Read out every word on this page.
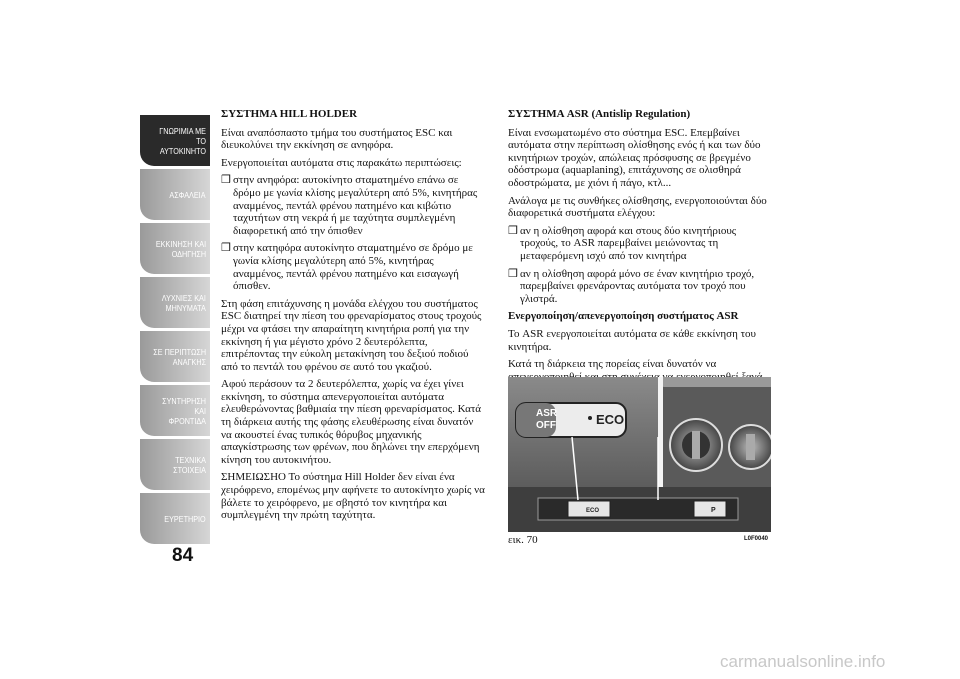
ΓΝΩΡΙΜΙΑ ΜΕ ΤΟ
ΑΥΤΟΚΙΝΗΤΟ
ΑΣΦΑΛΕΙΑ
ΕΚΚΙΝΗΣΗ ΚΑΙ
ΟΔΗΓΗΣΗ
ΛΥΧΝΙΕΣ ΚΑΙ
ΜΗΝΥΜΑΤΑ
ΣΕ ΠΕΡΙΠΤΩΣΗ
ΑΝΑΓΚΗΣ
ΣΥΝΤΗΡΗΣΗ ΚΑΙ
ΦΡΟΝΤΙΔΑ
ΤΕΧΝΙΚΑ ΣΤΟΙΧΕΙΑ
ΕΥΡΕΤΗΡΙΟ
84
ΣΥΣΤΗΜΑ HILL HOLDER

Είναι αναπόσπαστο τμήμα του συστήματος ESC και διευκολύνει την εκκίνηση σε ανηφόρα.

Ενεργοποιείται αυτόματα στις παρακάτω περιπτώσεις:

❒ στην ανηφόρα: αυτοκίνητο σταματημένο επάνω σε δρόμο με γωνία κλίσης μεγαλύτερη από 5%, κινητήρας αναμμένος, πεντάλ φρένου πατημένο και κιβώτιο ταχυτήτων στη νεκρά ή με ταχύτητα συμπλεγμένη διαφορετική από την όπισθεν
❒ στην κατηφόρα αυτοκίνητο σταματημένο σε δρόμο με γωνία κλίσης μεγαλύτερη από 5%, κινητήρας αναμμένος, πεντάλ φρένου πατημένο και εισαγωγή όπισθεν.

Στη φάση επιτάχυνσης η μονάδα ελέγχου του συστήματος ESC διατηρεί την πίεση του φρεναρίσματος στους τροχούς μέχρι να φτάσει την απαραίτητη κινητήρια ροπή για την εκκίνηση ή για μέγιστο χρόνο 2 δευτερόλεπτα, επιτρέποντας την εύκολη μετακίνηση του δεξιού ποδιού από το πεντάλ του φρένου σε αυτό του γκαζιού.

Αφού περάσουν τα 2 δευτερόλεπτα, χωρίς να έχει γίνει εκκίνηση, το σύστημα απενεργοποιείται αυτόματα ελευθερώνοντας βαθμιαία την πίεση φρεναρίσματος. Κατά τη διάρκεια αυτής της φάσης ελευθέρωσης είναι δυνατόν να ακουστεί ένας τυπικός θόρυβος μηχανικής απαγκίστρωσης των φρένων, που δηλώνει την επερχόμενη κίνηση του αυτοκινήτου.

ΣΗΜΕΙΩΣΗΟ Το σύστημα Hill Holder δεν είναι ένα χειρόφρενο, επομένως μην αφήνετε το αυτοκίνητο χωρίς να βάλετε το χειρόφρενο, με σβηστό τον κινητήρα και συμπλεγμένη την πρώτη ταχύτητα.

ΣΥΣΤΗΜΑ ASR (Antislip Regulation)

Είναι ενσωματωμένο στο σύστημα ESC. Επεμβαίνει αυτόματα στην περίπτωση ολίσθησης ενός ή και των δύο κινητήριων τροχών, απώλειας πρόσφυσης σε βρεγμένο οδόστρωμα (aquaplaning), επιτάχυνσης σε ολισθηρά οδοστρώματα, με χιόνι ή πάγο, κτλ...

Ανάλογα με τις συνθήκες ολίσθησης, ενεργοποιούνται δύο διαφορετικά συστήματα ελέγχου:

❒ αν η ολίσθηση αφορά και στους δύο κινητήριους τροχούς, το ASR παρεμβαίνει μειώνοντας τη μεταφερόμενη ισχύ από τον κινητήρα
❒ αν η ολίσθηση αφορά μόνο σε έναν κινητήριο τροχό, παρεμβαίνει φρενάροντας αυτόματα τον τροχό που γλιστρά.

Ενεργοποίηση/απενεργοποίηση συστήματος ASR

Το ASR ενεργοποιείται αυτόματα σε κάθε εκκίνηση του κινητήρα.

Κατά τη διάρκεια της πορείας είναι δυνατόν να

ASR
OFF	ECO
ECO	P
εικ. 70	L0F0040
carmanualsonline.info
